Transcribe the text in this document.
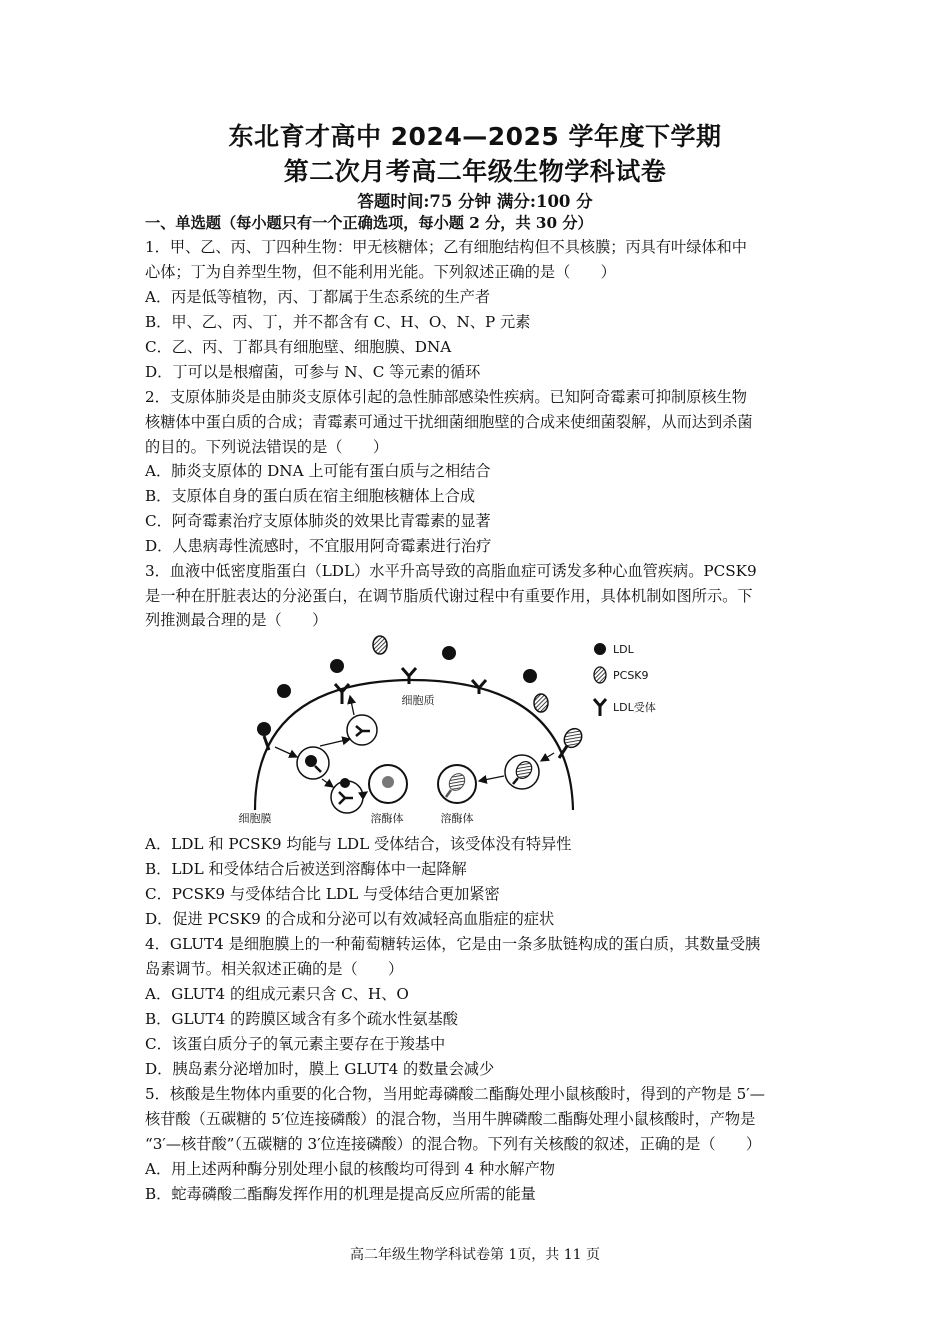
东北育才高中 2024—2025 学年度下学期
第二次月考高二年级生物学科试卷
答题时间:75 分钟 满分:100 分
一、单选题（每小题只有一个正确选项，每小题 2 分，共 30 分）
1．甲、乙、丙、丁四种生物：甲无核糖体；乙有细胞结构但不具核膜；丙具有叶绿体和中
心体；丁为自养型生物，但不能利用光能。下列叙述正确的是（　　）
A．丙是低等植物，丙、丁都属于生态系统的生产者
B．甲、乙、丙、丁，并不都含有 C、H、O、N、P 元素
C．乙、丙、丁都具有细胞壁、细胞膜、DNA
D．丁可以是根瘤菌，可参与 N、C 等元素的循环
2．支原体肺炎是由肺炎支原体引起的急性肺部感染性疾病。已知阿奇霉素可抑制原核生物
核糖体中蛋白质的合成；青霉素可通过干扰细菌细胞壁的合成来使细菌裂解，从而达到杀菌
的目的。下列说法错误的是（　　）
A．肺炎支原体的 DNA 上可能有蛋白质与之相结合
B．支原体自身的蛋白质在宿主细胞核糖体上合成
C．阿奇霉素治疗支原体肺炎的效果比青霉素的显著
D．人患病毒性流感时，不宜服用阿奇霉素进行治疗
3．血液中低密度脂蛋白（LDL）水平升高导致的高脂血症可诱发多种心血管疾病。PCSK9
是一种在肝脏表达的分泌蛋白，在调节脂质代谢过程中有重要作用，具体机制如图所示。下
列推测最合理的是（　　）
细胞质
细胞膜	溶酶体	溶酶体
LDL
PCSK9
LDL受体
A．LDL 和 PCSK9 均能与 LDL 受体结合，该受体没有特异性
B．LDL 和受体结合后被送到溶酶体中一起降解
C．PCSK9 与受体结合比 LDL 与受体结合更加紧密
D．促进 PCSK9 的合成和分泌可以有效减轻高血脂症的症状
4．GLUT4 是细胞膜上的一种葡萄糖转运体，它是由一条多肽链构成的蛋白质，其数量受胰
岛素调节。相关叙述正确的是（　　）
A．GLUT4 的组成元素只含 C、H、O
B．GLUT4 的跨膜区域含有多个疏水性氨基酸
C．该蛋白质分子的氧元素主要存在于羧基中
D．胰岛素分泌增加时，膜上 GLUT4 的数量会减少
5．核酸是生物体内重要的化合物，当用蛇毒磷酸二酯酶处理小鼠核酸时，得到的产物是 5′—
核苷酸（五碳糖的 5′位连接磷酸）的混合物，当用牛脾磷酸二酯酶处理小鼠核酸时，产物是
“3′—核苷酸”（五碳糖的 3′位连接磷酸）的混合物。下列有关核酸的叙述，正确的是（　　）
A．用上述两种酶分别处理小鼠的核酸均可得到 4 种水解产物
B．蛇毒磷酸二酯酶发挥作用的机理是提高反应所需的能量
高二年级生物学科试卷第 1页，共 11 页
